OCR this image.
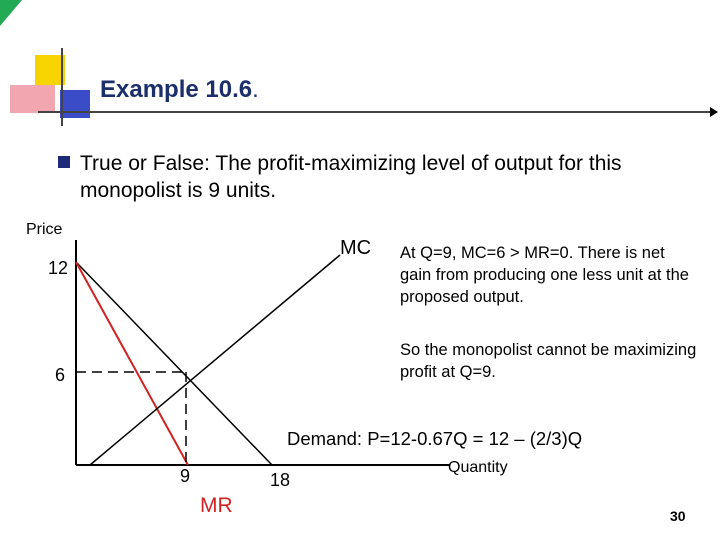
Example 10.6.
True or False: The profit-maximizing level of output for this monopolist is 9 units.
Price
12
6
9	18
Quantity
MC
MR
Demand: P=12-0.67Q = 12 – (2/3)Q
At Q=9, MC=6 > MR=0. There is net gain from producing one less unit at the proposed output.
So the monopolist cannot be maximizing profit at Q=9.
30
